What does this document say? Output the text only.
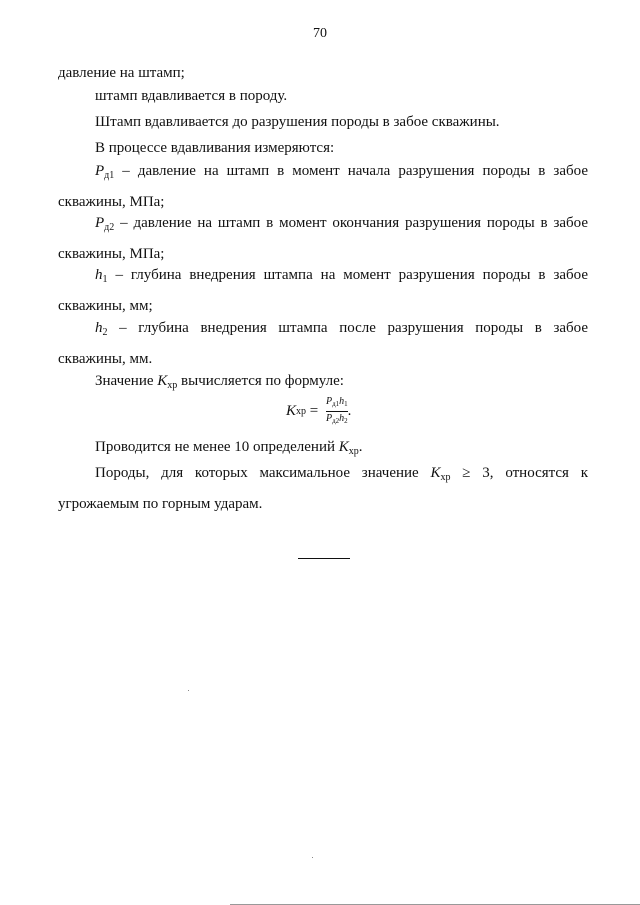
70

давление на штамп;

штамп вдавливается в породу.

Штамп вдавливается до разрушения породы в забое скважины.

В процессе вдавливания измеряются:

$P_{д1}$ – давление на штамп в момент начала разрушения породы в забое скважины, МПа;

$P_{д2}$ – давление на штамп в момент окончания разрушения породы в забое скважины, МПа;

$h_1$ – глубина внедрения штампа на момент разрушения породы в забое скважины, мм;

$h_2$ – глубина внедрения штампа после разрушения породы в забое скважины, мм.

Значение $K_{хр}$ вычисляется по формуле:

K хр = $\frac{P_{д1}h_1}{P_{д2}h_2}$ .

Проводится не менее 10 определений $K_{хр}$.

Породы, для которых максимальное значение $K_{хр} \ge 3$, относятся к угрожаемым по горным ударам.
